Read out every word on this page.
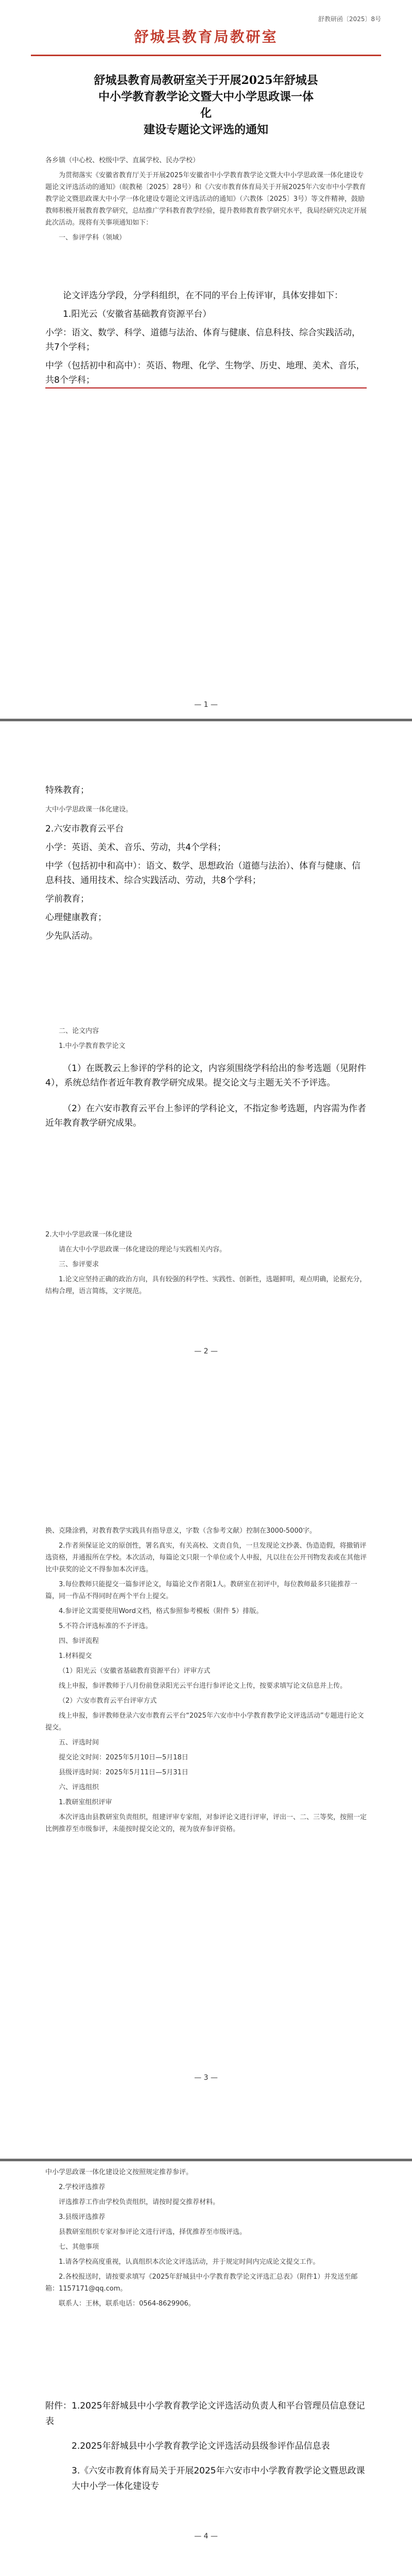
舒教研函〔2025〕8号
舒城县教育局教研室
舒城县教育局教研室关于开展2025年舒城县
中小学教育教学论文暨大中小学思政课一体
化
建设专题论文评选的通知

各乡镇（中心校、校级中学、直属学校、民办学校）

为贯彻落实《安徽省教育厅关于开展2025年安徽省中小学教育教学论文暨大中小学思政课一体化建设专题论文评选活动的通知》（皖教秘〔2025〕28号）和《六安市教育体育局关于开展2025年六安市中小学教育教学论文暨思政课大中小学一体化建设专题论文评选活动的通知》（六教体〔2025〕3号）等文件精神，鼓励教师积极开展教育教学研究，总结推广学科教育教学经验，提升教师教育教学研究水平，我局经研究决定开展此次活动。现将有关事项通知如下：

一、参评学科（领域）

论文评选分学段，分学科组织，在不同的平台上传评审，具体安排如下：

1.阳光云（安徽省基础教育资源平台）

小学：语文、数学、科学、道德与法治、体育与健康、信息科技、综合实践活动，共7个学科；

中学（包括初中和高中）：英语、物理、化学、生物学、历史、地理、美术、音乐，共8个学科；

— 1 —

特殊教育；

大中小学思政课一体化建设。

2.六安市教育云平台

小学：英语、美术、音乐、劳动，共4个学科；

中学（包括初中和高中）：语文、数学、思想政治（道德与法治）、体育与健康、信息科技、通用技术、综合实践活动、劳动，共8个学科；

学前教育；

心理健康教育；

少先队活动。

二、论文内容

1.中小学教育教学论文

（1）在既教云上参评的学科的论文，内容须围绕学科给出的参考选题（见附件 4），系统总结作者近年教育教学研究成果。提交论文与主题无关不予评选。

（2）在六安市教育云平台上参评的学科论文，不指定参考选题，内容需为作者近年教育教学研究成果。

2.大中小学思政课一体化建设

请在大中小学思政课一体化建设的理论与实践相关内容。

三、参评要求

1.论文应坚持正确的政治方向，具有较强的科学性、实践性、创新性，选题鲜明，观点明确，论据充分，结构合理，语言简练，文字规范。

— 2 —

换、克隆涂鸦，对教育教学实践具有指导意义，字数（含参考文献）控制在3000-5000字。

2.作者须保证论文的原创性，署名真实，有关高校、文责自负，一旦发现论文抄袭、伪造造假，将撤销评选资格，并通报所在学校。本次活动，每篇论文只限一个单位或个人申报，凡以往在公开刊物发表或在其他评比中获奖的论文不得参加本次评选。

3.每位教师只能提交一篇参评论文，每篇论文作者限1人。教研室在初评中，每位教师最多只能推荐一篇，同一作品不得同时在两个平台上提交。

4.参评论文需要使用Word文档，格式参照参考模板（附件 5）排版。

5.不符合评选标准的不予评选。

四、参评流程

1.材料提交

（1）阳光云（安徽省基础教育资源平台）评审方式

线上申报，参评教师于八月份前登录阳光云平台进行参评论文上传，按要求填写论文信息并上传。

（2）六安市教育云平台评审方式

线上申报，参评教师登录六安市教育云平台“2025年六安市中小学教育教学论文评选活动”专题进行论文提交。

五、评选时间

提交论文时间：2025年5月10日—5月18日

县级评选时间：2025年5月11日—5月31日

六、评选组织

1.教研室组织评审

本次评选由县教研室负责组织，组建评审专家组，对参评论文进行评审，评出一、二、三等奖，按照一定比例推荐至市级参评，未能按时提交论文的，视为放弃参评资格。

— 3 —

中小学思政课一体化建设论文按照规定推荐参评。

2.学校评选推荐

评选推荐工作由学校负责组织，请按时提交推荐材料。

3.县级评选推荐

县教研室组织专家对参评论文进行评选，择优推荐至市级评选。

七、其他事项

1.请各学校高度重视，认真组织本次论文评选活动，并于规定时间内完成论文提交工作。

2.各校报送时，请按要求填写《2025年舒城县中小学教育教学论文评选汇总表》（附件1）并发送至邮箱：1157171@qq.com。

联系人：王林，联系电话：0564-8629906。

附件：1.2025年舒城县中小学教育教学论文评选活动负责人和平台管理员信息登记表

2.2025年舒城县中小学教育教学论文评选活动县级参评作品信息表

3.《六安市教育体育局关于开展2025年六安市中小学教育教学论文暨思政课大中小学一体化建设专

— 4 —
